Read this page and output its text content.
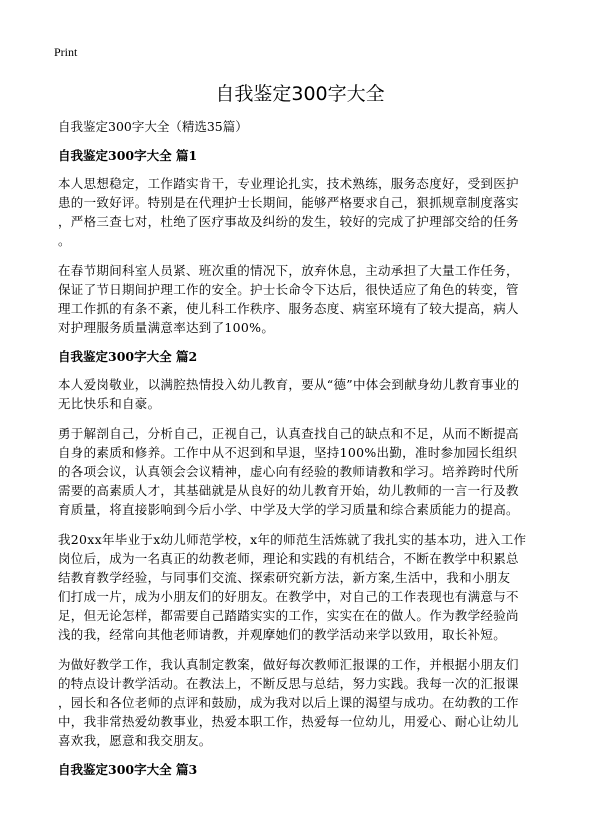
Print
自我鉴定300字大全
自我鉴定300字大全（精选35篇）
自我鉴定300字大全 篇1

本人思想稳定，工作踏实肯干，专业理论扎实，技术熟练，服务态度好，受到医护
患的一致好评。特别是在代理护士长期间，能够严格要求自己，狠抓规章制度落实
，严格三查七对，杜绝了医疗事故及纠纷的发生，较好的完成了护理部交给的任务
。

在春节期间科室人员紧、班次重的情况下，放弃休息，主动承担了大量工作任务，
保证了节日期间护理工作的安全。护士长命令下达后，很快适应了角色的转变，管
理工作抓的有条不紊，使儿科工作秩序、服务态度、病室环境有了较大提高，病人
对护理服务质量满意率达到了100%。

自我鉴定300字大全 篇2

本人爱岗敬业，以满腔热情投入幼儿教育，要从“德”中体会到献身幼儿教育事业的
无比快乐和自豪。

勇于解剖自己，分析自己，正视自己，认真查找自己的缺点和不足，从而不断提高
自身的素质和修养。工作中从不迟到和早退，坚持100%出勤，准时参加园长组织
的各项会议，认真领会会议精神，虚心向有经验的教师请教和学习。培养跨时代所
需要的高素质人才，其基础就是从良好的幼儿教育开始，幼儿教师的一言一行及教
育质量，将直接影响到今后小学、中学及大学的学习质量和综合素质能力的提高。

我20xx年毕业于x幼儿师范学校，x年的师范生活炼就了我扎实的基本功，进入工作
岗位后，成为一名真正的幼教老师，理论和实践的有机结合，不断在教学中积累总
结教育教学经验，与同事们交流、探索研究新方法，新方案,生活中，我和小朋友
们打成一片，成为小朋友们的好朋友。在教学中，对自己的工作表现也有满意与不
足，但无论怎样，都需要自己踏踏实实的工作，实实在在的做人。作为教学经验尚
浅的我，经常向其他老师请教，并观摩她们的教学活动来学以致用，取长补短。

为做好教学工作，我认真制定教案，做好每次教师汇报课的工作，并根据小朋友们
的特点设计教学活动。在教法上，不断反思与总结，努力实践。我每一次的汇报课
，园长和各位老师的点评和鼓励，成为我对以后上课的渴望与成功。在幼教的工作
中，我非常热爱幼教事业，热爱本职工作，热爱每一位幼儿，用爱心、耐心让幼儿
喜欢我，愿意和我交朋友。

自我鉴定300字大全 篇3
